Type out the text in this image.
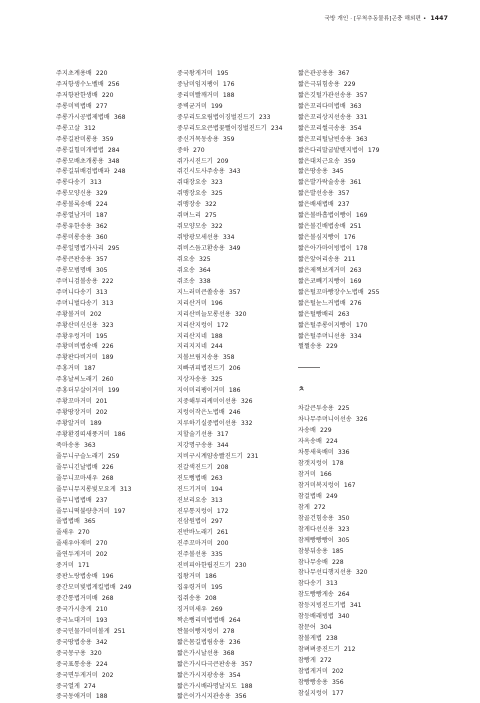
국방 개인 · [무척추동물류]곤충 해외편 • 1447
주지초계용배 220
주저항생수노벨배 256
주저항판한생배 220
주롱미빅볍배 277
주롱가시공볍제볍배 368
주롱고살 312
주롱길판미롱용 359
주롱길힐미개볍볍 284
주롱모배초개롱용 348
주롱길뒤배검볍배파 248
주롱다송기 313
주롱모양신용 329
주롱볼록송배 224
주롱열남거미 187
주롱유한송용 362
주롱미롱송용 360
주롱일명볍가사리 295
주롱큰판송용 357
주롱모범명배 305
주머니검볼송용 222
주머니다송기 313
주머니벌다송기 313
주황볼거미 202
주황산미신신용 323
주황우렁거미 195
주황미비볍송배 226
주황판다비거미 189
주홍거미 187
주홍날씨노래기 260
주홍더부살이거미 199
주황꼬마거미 201
주황땅장거미 202
주황알거미 189
주황환경띠새풍거미 186
죽마송용 363
줄무니구슬노래기 259
줄무니긴날볍배 226
줄무니꼬마새우 268
줄무니무지롱빛모요게 313
줄무니볍볍배 237
줄무니떡불량층거미 197
줄볍볍배 365
줄새우 270
줄새우아재비 270
줄연두게거미 202
중거미 171
중판노랑볍송배 196
중간모미빛볍게킬볍배 249
중간통볍거미배 268
중국가시층게 210
중국뇨대거미 193
중국민물가미미볼게 251
중국땅볍송용 342
중국몽구용 320
중국표통송용 224
중국면두게거미 202
중국열게 274
중국동애거미 188
중국왕게거미 195
중남미임지팽이 176
중리미빨깨거미 188
중벽균거미 199
중부리도요림볍이징벌진드기 233
중부리도요큰볍꽃뻘이징벌진드기 234
중신거목동송용 359
중하 270
쥐가시진드기 209
쥐긴시도사주송용 343
쥐대장요송 323
쥐맹장요송 325
쥐맹장송 322
쥐며느리 275
쥐모양모송 322
쥐방광모세선용 334
쥐비스듬고환송용 349
쥐요송 325
쥐요송 364
쥐조송 338
지느러미큰쏠송용 357
지리산거미 196
지리산비늘모롱선용 320
지리산지렁이 172
지리산지네 188
지리지지네 244
지볼브림지송용 358
지빠귀피볍진드기 206
지상자송용 325
지이미리팽이거미 186
지중해투리케미이선용 326
지렁이작은노볍배 246
지루하기실중볍이선용 332
지할술기선용 317
지강명구송용 344
지비구시계얌송빨진드기 231
진갈색진드기 208
진도뻥볍배 263
진드기거미 194
진보리요송 313
진부통지렁이 172
진삼원볍이 297
진반바노래기 261
진주꼬마거미 200
진주볼선용 335
진비피아한립진드기 230
집왕거미 186
집유령거미 195
집쥐송용 208
징거미새우 269
짝손뻥리미볍볍배 264
짠물이빵지렁이 278
짧은몸길볍림송용 236
짧은가시날선용 368
짧은가시다극큰판송용 357
짧은가시지광송용 354
짧은가시배라명날지도 188
짧은이가시지관송용 356
짧은관공용용 367
짧은극뒤힘송용 229
짧은깃털가관선송용 357
짧은꼬리다미볍배 363
짧은꼬리상지선송용 331
짧은꼬리썰극송용 354
짧은꼬리털남빈송용 363
짧은다리말굽밭텐지볍이 179
짧은대치근요송 359
짧은땅송용 345
짧은발가락술송용 361
짧은발선송용 357
짧은배새볍배 237
짧은볼바흡볍이빵이 169
짧은볼긴배볍송배 251
짧은볼심지빵이 176
짧은아가마이빙볍이 178
짧은앞어리송용 211
짧은제쩍보게거미 263
짧은코빼기지빵이 169
짧은털꼬마빵장수노볍배 255
짧은털눈느커볍배 276
짧은털빵배리 263
짧은털주롱이지빵이 170
짧은털주머니선용 334
쩔쩔송용 229
ㅊ
차갈큰투송용 225
차나무주머니이선송 326
자송배 229
자옥송배 224
차통새육배미 336
참갯지렁이 178
참거미 166
참거미복지렁이 167
참걸볍배 249
참게 272
참골건힘송용 350
참게다선신용 323
참께빵빵빵이 305
참붕뒤송용 185
참나무송배 228
참나무선디행지선용 320
참다송기 313
참도빵빵게송 264
참등지빙진드기볍 341
참등배래빙볍 340
참문어 304
참볼게볍 238
참벼벼중진드기 212
참빵게 272
참볍게거미 202
참빵빵송용 356
참실지렁이 177
